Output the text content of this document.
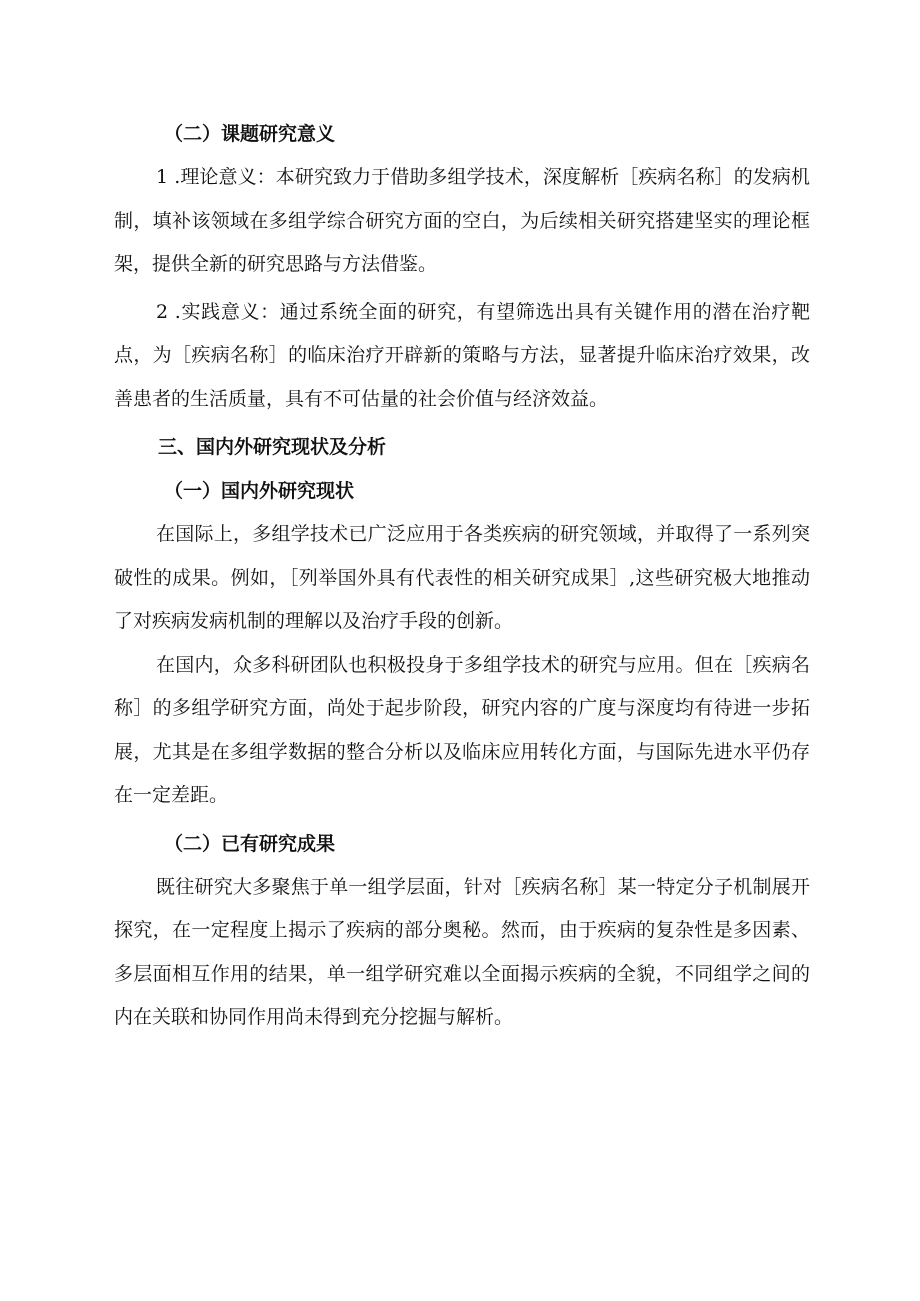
（二）课题研究意义

1 .理论意义：本研究致力于借助多组学技术，深度解析［疾病名称］的发病机制，填补该领域在多组学综合研究方面的空白，为后续相关研究搭建坚实的理论框架，提供全新的研究思路与方法借鉴。

2 .实践意义：通过系统全面的研究，有望筛选出具有关键作用的潜在治疗靶点，为［疾病名称］的临床治疗开辟新的策略与方法，显著提升临床治疗效果，改善患者的生活质量，具有不可估量的社会价值与经济效益。

三、国内外研究现状及分析
（一）国内外研究现状

在国际上，多组学技术已广泛应用于各类疾病的研究领域，并取得了一系列突破性的成果。例如，［列举国外具有代表性的相关研究成果］,这些研究极大地推动了对疾病发病机制的理解以及治疗手段的创新。

在国内，众多科研团队也积极投身于多组学技术的研究与应用。但在［疾病名称］的多组学研究方面，尚处于起步阶段，研究内容的广度与深度均有待进一步拓展，尤其是在多组学数据的整合分析以及临床应用转化方面，与国际先进水平仍存在一定差距。

（二）已有研究成果

既往研究大多聚焦于单一组学层面，针对［疾病名称］某一特定分子机制展开探究，在一定程度上揭示了疾病的部分奥秘。然而，由于疾病的复杂性是多因素、多层面相互作用的结果，单一组学研究难以全面揭示疾病的全貌，不同组学之间的内在关联和协同作用尚未得到充分挖掘与解析。
